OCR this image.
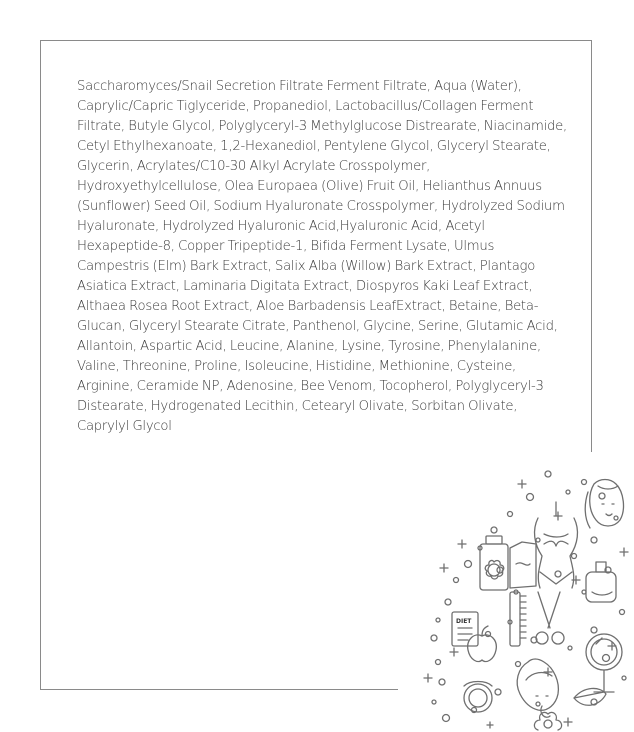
Saccharomyces/Snail Secretion Filtrate Ferment Filtrate, Aqua (Water), Caprylic/Capric Tiglyceride, Propanediol, Lactobacillus/Collagen Ferment Filtrate, Butyle Glycol, Polyglyceryl-3 Methylglucose Distrearate, Niacinamide, Cetyl Ethylhexanoate, 1,2-Hexanediol, Pentylene Glycol, Glyceryl Stearate, Glycerin, Acrylates/C10-30 Alkyl Acrylate Crosspolymer, Hydroxyethylcellulose, Olea Europaea (Olive) Fruit Oil, Helianthus Annuus (Sunflower) Seed Oil, Sodium Hyaluronate Crosspolymer, Hydrolyzed Sodium Hyaluronate, Hydrolyzed Hyaluronic Acid,Hyaluronic Acid, Acetyl Hexapeptide-8, Copper Tripeptide-1, Bifida Ferment Lysate, Ulmus Campestris (Elm) Bark Extract, Salix Alba (Willow) Bark Extract, Plantago Asiatica Extract, Laminaria Digitata Extract, Diospyros Kaki Leaf Extract, Althaea Rosea Root Extract, Aloe Barbadensis LeafExtract, Betaine, Beta-Glucan, Glyceryl Stearate Citrate, Panthenol, Glycine, Serine, Glutamic Acid, Allantoin, Aspartic Acid, Leucine, Alanine, Lysine, Tyrosine, Phenylalanine, Valine, Threonine, Proline, Isoleucine, Histidine, Methionine, Cysteine, Arginine, Ceramide NP, Adenosine, Bee Venom, Tocopherol, Polyglyceryl-3 Distearate, Hydrogenated Lecithin, Cetearyl Olivate, Sorbitan Olivate, Caprylyl Glycol

DIET
